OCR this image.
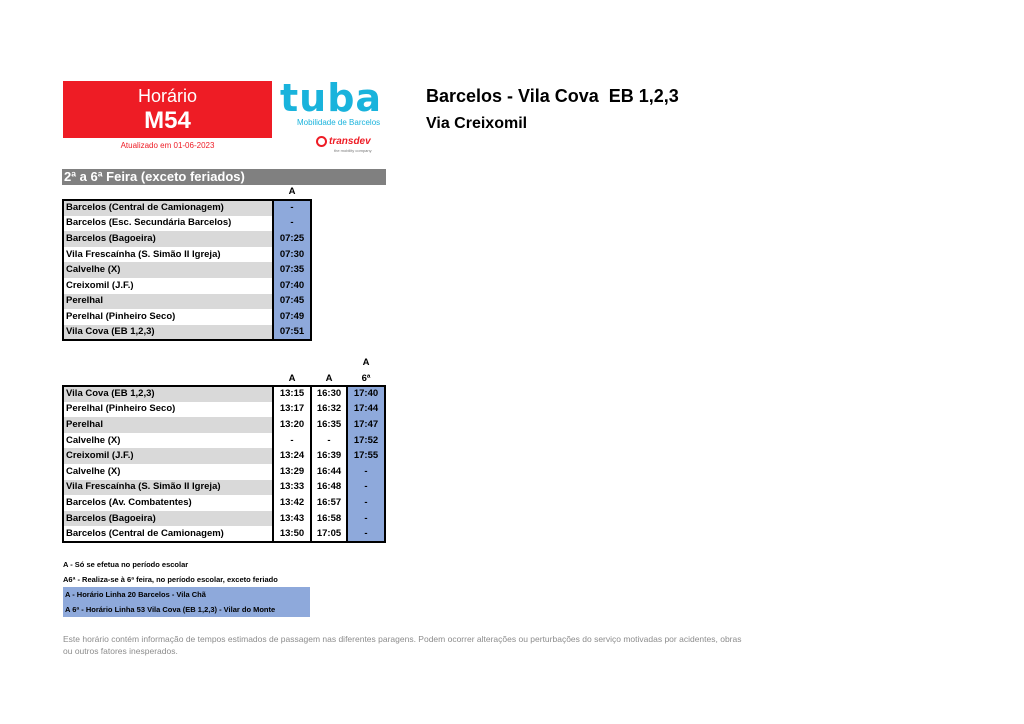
Horário
M54
Atualizado em 01-06-2023
tuba
Mobilidade de Barcelos
transdev
the mobility company
Barcelos - Vila Cova  EB 1,2,3
Via Creixomil
2ª a 6ª Feira (exceto feriados)
A
Barcelos (Central de Camionagem)	-
Barcelos (Esc. Secundária Barcelos)	-
Barcelos (Bagoeira)	07:25
Vila Frescaínha (S. Simão II Igreja)	07:30
Calvelhe (X)	07:35
Creixomil (J.F.)	07:40
Perelhal	07:45
Perelhal (Pinheiro Seco)	07:49
Vila Cova (EB 1,2,3)	07:51
A	A
A
6ª
Vila Cova (EB 1,2,3)	13:15	16:30	17:40
Perelhal (Pinheiro Seco)	13:17	16:32	17:44
Perelhal	13:20	16:35	17:47
Calvelhe (X)	-	-	17:52
Creixomil (J.F.)	13:24	16:39	17:55
Calvelhe (X)	13:29	16:44	-
Vila Frescaínha (S. Simão II Igreja)	13:33	16:48	-
Barcelos (Av. Combatentes)	13:42	16:57	-
Barcelos (Bagoeira)	13:43	16:58	-
Barcelos (Central de Camionagem)	13:50	17:05	-
A - Só se efetua no período escolar
A6ª - Realiza-se à 6ª feira, no período escolar, exceto feriado
A - Horário Linha 20 Barcelos - Vila Chã
A 6ª - Horário Linha 53 Vila Cova (EB 1,2,3) - Vilar do Monte
Este horário contém informação de tempos estimados de passagem nas diferentes paragens. Podem ocorrer alterações ou perturbações do serviço motivadas por acidentes, obras ou outros fatores inesperados.
